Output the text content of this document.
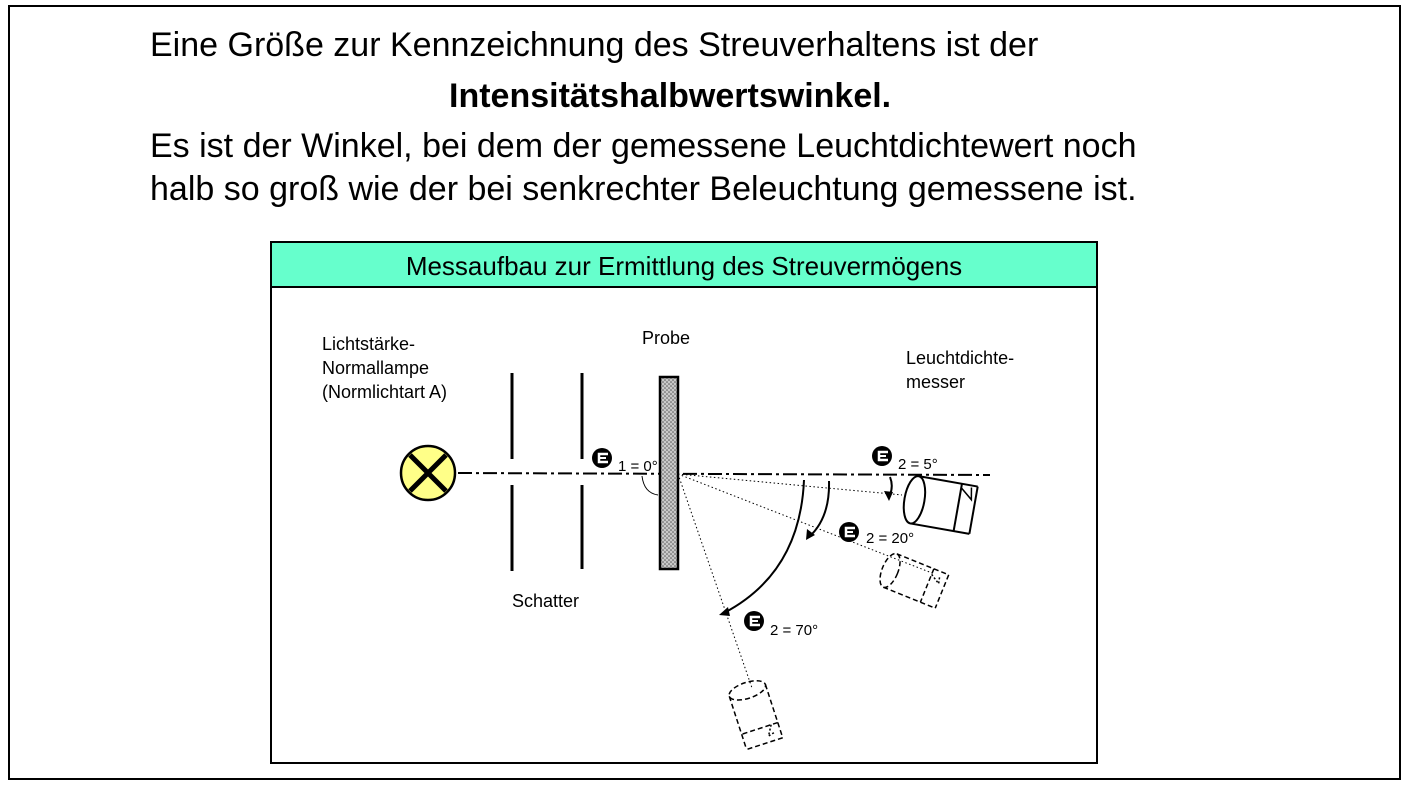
Eine Größe zur Kennzeichnung des Streuverhaltens ist der
Intensitätshalbwertswinkel.
Es ist der Winkel, bei dem der gemessene Leuchtdichtewert noch
halb so groß wie der bei senkrechter Beleuchtung gemessene ist.
Messaufbau zur Ermittlung des Streuvermögens
Lichtstärke-
Normallampe
(Normlichtart A)
Probe
Leuchtdichte-
messer
Schatter
1 = 0°	2 = 5°
2 = 20°
2 = 70°
